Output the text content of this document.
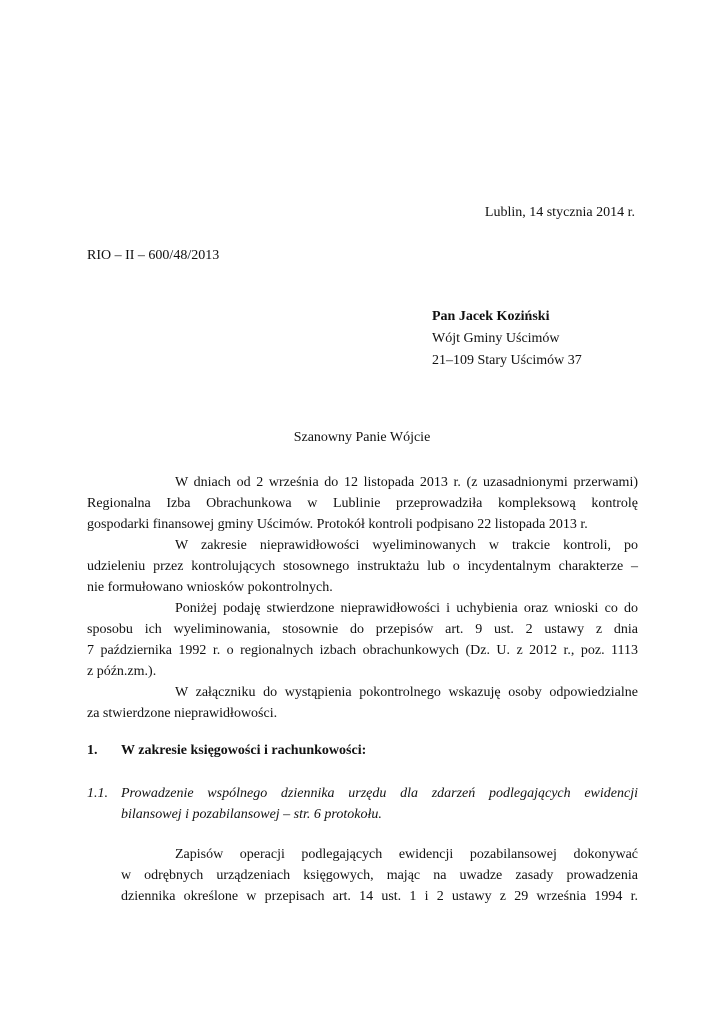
Lublin, 14 stycznia 2014 r.

RIO – II – 600/48/2013

Pan Jacek Koziński

Wójt Gminy Uścimów

21–109 Stary Uścimów 37

Szanowny Panie Wójcie

W dniach od 2 września do 12 listopada 2013 r. (z uzasadnionymi przerwami)

Regionalna Izba Obrachunkowa w Lublinie przeprowadziła kompleksową kontrolę

gospodarki finansowej gminy Uścimów. Protokół kontroli podpisano 22 listopada 2013 r.

W zakresie nieprawidłowości wyeliminowanych w trakcie kontroli, po

udzieleniu przez kontrolujących stosownego instruktażu lub o incydentalnym charakterze –

nie formułowano wniosków pokontrolnych.

Poniżej podaję stwierdzone nieprawidłowości i uchybienia oraz wnioski co do

sposobu ich wyeliminowania, stosownie do przepisów art. 9 ust. 2 ustawy z dnia

7 października 1992 r. o regionalnych izbach obrachunkowych (Dz. U. z 2012 r., poz. 1113

z późn.zm.).

W załączniku do wystąpienia pokontrolnego wskazuję osoby odpowiedzialne

za stwierdzone nieprawidłowości.

1. W zakresie księgowości i rachunkowości:

1.1. Prowadzenie wspólnego dziennika urzędu dla zdarzeń podlegających ewidencji

bilansowej i pozabilansowej – str. 6 protokołu.

Zapisów operacji podlegających ewidencji pozabilansowej dokonywać

w odrębnych urządzeniach księgowych, mając na uwadze zasady prowadzenia

dziennika określone w przepisach art. 14 ust. 1 i 2 ustawy z 29 września 1994 r.
